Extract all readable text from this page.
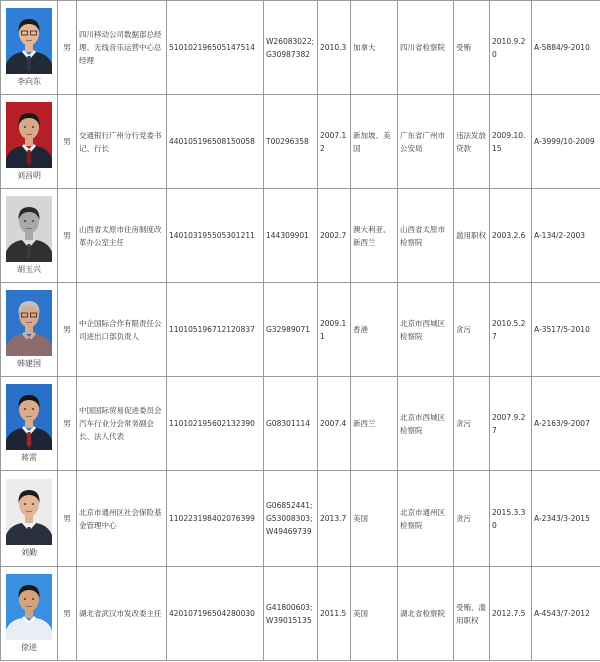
李向东	男	四川移动公司数据部总经理、无线音乐运营中心总经理	510102196505147514	W26083022; G30987382	2010.3	加拿大	四川省检察院	受贿	2010.9.20	A-5884/9-2010

刘昌明	男	交通银行广州分行党委书记、行长	440105196508150058	T00296358	2007.12	新加坡、美国	广东省广州市公安局	违法发放贷款	2009.10.15	A-3999/10-2009

胡玉兴	男	山西省太原市住房制度改革办公室主任	140103195505301211	144309901	2002.7	澳大利亚、新西兰	山西省太原市检察院	滥用职权	2003.2.6	A-134/2-2003

韩建国	男	中企国际合作有限责任公司进出口部负责人	110105196712120837	G32989071	2009.11	香港	北京市西城区检察院	贪污	2010.5.27	A-3517/5-2010

蒋雷	男	中国国际贸易促进委员会汽车行业分会常务副会长、法人代表	110102195602132390	G08301114	2007.4	新西兰	北京市西城区检察院	贪污	2007.9.27	A-2163/9-2007

刘勤	男	北京市通州区社会保险基金管理中心	110223198402076399	G06852441; G53008303; W49469739	2013.7	美国	北京市通州区检察院	贪污	2015.3.30	A-2343/3-2015

徐进	男	湖北省武汉市发改委主任	420107196504280030	G41800603; W39015135	2011.5	美国	湖北省检察院	受贿、滥用职权	2012.7.5	A-4543/7-2012
